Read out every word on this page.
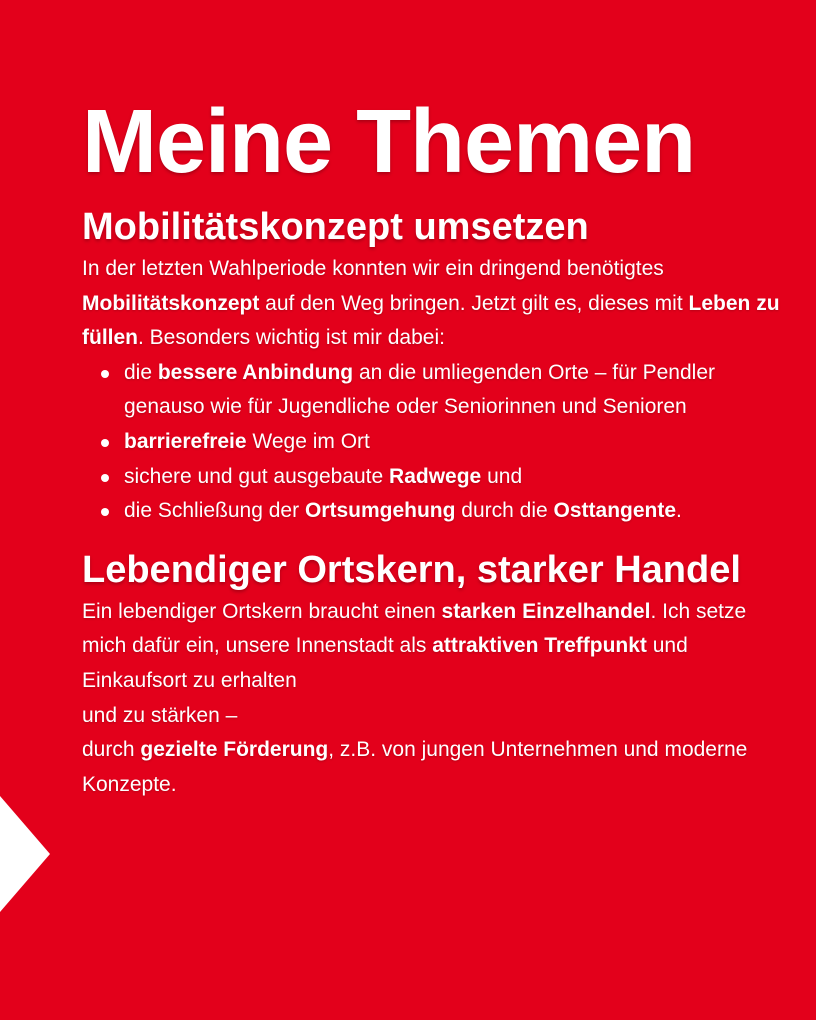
Meine Themen
Mobilitätskonzept umsetzen

In der letzten Wahlperiode konnten wir ein dringend benötigtes Mobilitätskonzept auf den Weg bringen. Jetzt gilt es, dieses mit Leben zu füllen. Besonders wichtig ist mir dabei:

die bessere Anbindung an die umliegenden Orte – für Pendler genauso wie für Jugendliche oder Seniorinnen und Senioren
barrierefreie Wege im Ort
sichere und gut ausgebaute Radwege und
die Schließung der Ortsumgehung durch die Osttangente.
Lebendiger Ortskern, starker Handel

Ein lebendiger Ortskern braucht einen starken Einzelhandel. Ich setze mich dafür ein, unsere Innenstadt als attraktiven Treffpunkt und Einkaufsort zu erhalten
und zu stärken –
durch gezielte Förderung, z.B. von jungen Unternehmen und moderne Konzepte.
